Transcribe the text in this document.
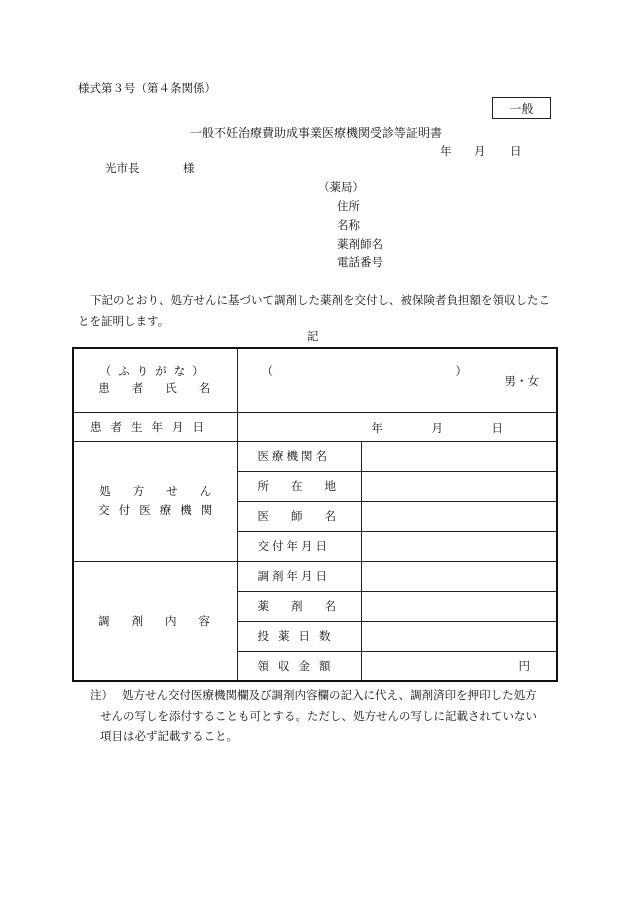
様式第３号（第４条関係）
一般
一般不妊治療費助成事業医療機関受診等証明書
年 月 日
光市長	様
（薬局）
住所
名称
薬剤師名
電話番号
下記のとおり、処方せんに基づいて調剤した薬剤を交付し、被保険者負担額を領収したことを証明します。
記
（ふりがな）
患者氏名	（ ）
男・女	

患者生年月日	年 月 日	

処方せん
交付医療機関	医療機関名	
	所在地	
	医師名	
	交付年月日	
調剤内容	調剤年月日	
	薬剤名	
	投薬日数	
	領収金額	円
注） 処方せん交付医療機関欄及び調剤内容欄の記入に代え、調剤済印を押印した処方
せんの写しを添付することも可とする。ただし、処方せんの写しに記載されていない
項目は必ず記載すること。
